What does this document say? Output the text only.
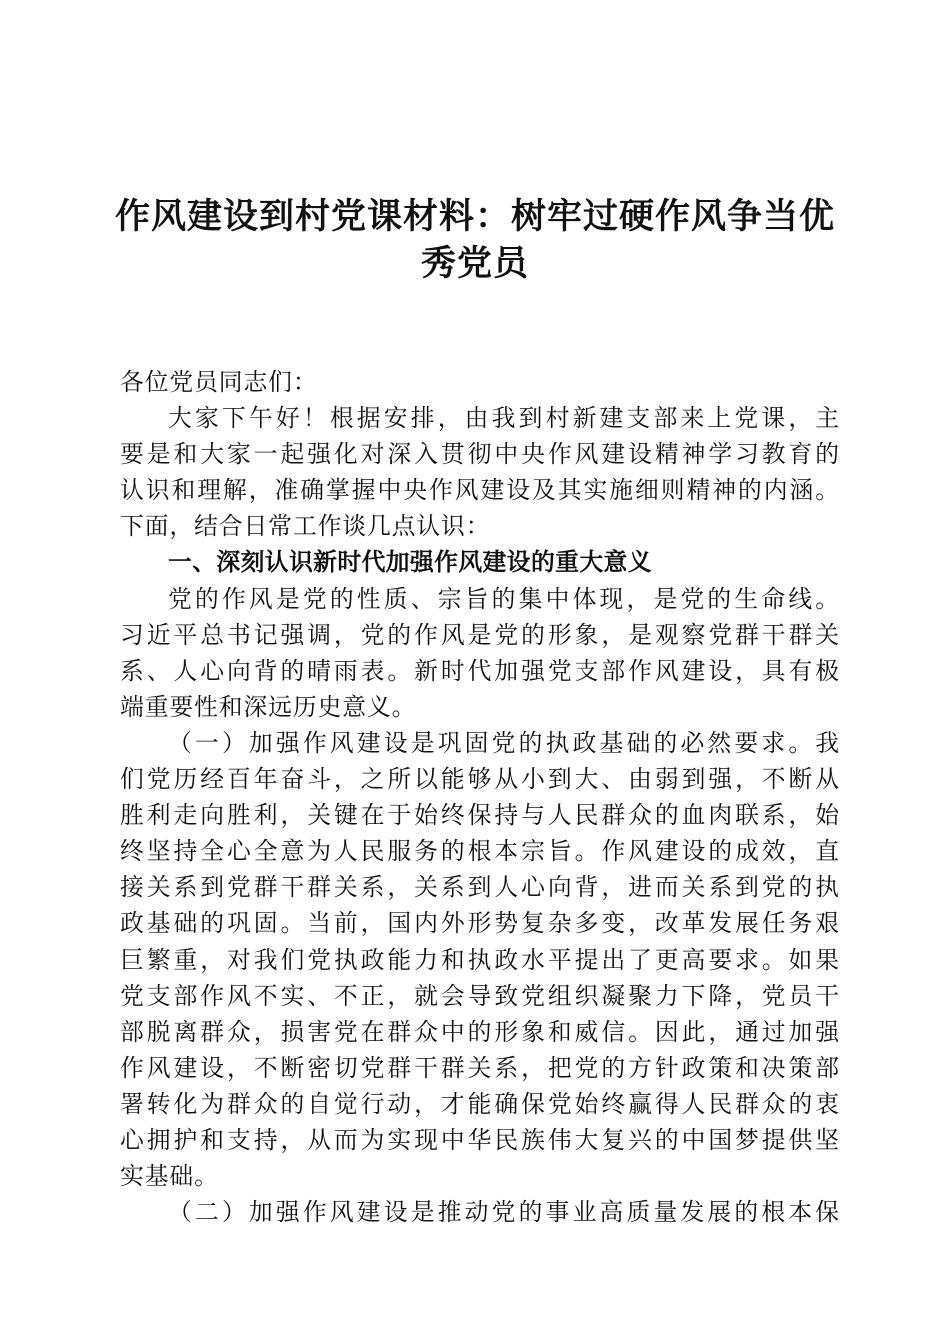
作风建设到村党课材料：树牢过硬作风争当优
秀党员
各位党员同志们：
大家下午好！根据安排，由我到村新建支部来上党课，主
要是和大家一起强化对深入贯彻中央作风建设精神学习教育的
认识和理解，准确掌握中央作风建设及其实施细则精神的内涵。
下面，结合日常工作谈几点认识：
一、深刻认识新时代加强作风建设的重大意义
党的作风是党的性质、宗旨的集中体现，是党的生命线。
习近平总书记强调，党的作风是党的形象，是观察党群干群关
系、人心向背的晴雨表。新时代加强党支部作风建设，具有极
端重要性和深远历史意义。
（一）加强作风建设是巩固党的执政基础的必然要求。我
们党历经百年奋斗，之所以能够从小到大、由弱到强，不断从
胜利走向胜利，关键在于始终保持与人民群众的血肉联系，始
终坚持全心全意为人民服务的根本宗旨。作风建设的成效，直
接关系到党群干群关系，关系到人心向背，进而关系到党的执
政基础的巩固。当前，国内外形势复杂多变，改革发展任务艰
巨繁重，对我们党执政能力和执政水平提出了更高要求。如果
党支部作风不实、不正，就会导致党组织凝聚力下降，党员干
部脱离群众，损害党在群众中的形象和威信。因此，通过加强
作风建设，不断密切党群干群关系，把党的方针政策和决策部
署转化为群众的自觉行动，才能确保党始终赢得人民群众的衷
心拥护和支持，从而为实现中华民族伟大复兴的中国梦提供坚
实基础。
（二）加强作风建设是推动党的事业高质量发展的根本保
